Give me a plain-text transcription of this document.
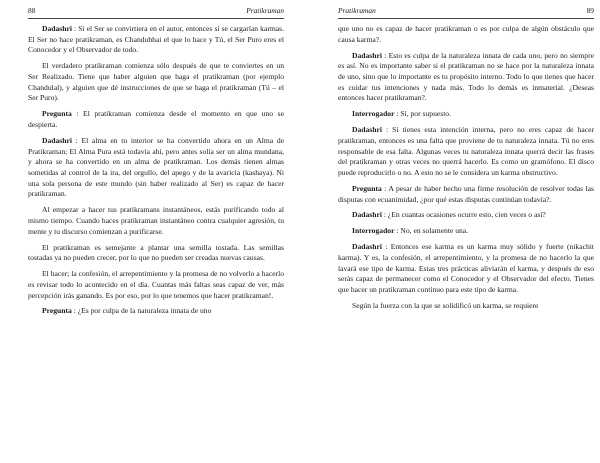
88	Pratikraman

Dadashri : Si el Ser se convirtiera en el autor, entonces sí se cargarían karmas. El Ser no hace pratikraman, es Chandubhai el que lo hace y Tú, el Ser Puro eres el Conocedor y el Observador de todo.

El verdadero pratikraman comienza sólo después de que te conviertes en un Ser Realizado. Tiene que haber alguien que haga el pratikraman (por ejemplo Chandulal), y alguien que dé instrucciones de que se haga el pratikraman (Tú – el Ser Puro).

Pregunta : El pratikraman comienza desde el momento en que uno se despierta.

Dadashri : El alma en tu interior se ha convertido ahora en un Alma de Pratikraman; El Alma Pura está todavía ahí, pero antes solía ser un alma mundana, y ahora se ha convertido en un alma de pratikraman. Los demás tienen almas sometidas al control de la ira, del orgullo, del apego y de la avaricia (kashaya). Ni una sola persona de este mundo (sin haber realizado al Ser) es capaz de hacer pratikraman.

Al empezar a hacer tus pratikramans instantáneos, estás purificando todo al mismo tiempo. Cuando haces pratikraman instantáneo contra cualquier agresión, tu mente y tu discurso comienzan a purificarse.

El pratikraman es semejante a plantar una semilla tostada. Las semillas tostadas ya no pueden crecer, por lo que no pueden ser creadas nuevas causas.

El hacer; la confesión, el arrepentimiento y la promesa de no volverlo a hacerlo es revisar todo lo acontecido en el día. Cuantas más faltas seas capaz de ver, más percepción irás ganando. Es por eso, por lo que tenemos que hacer pratikraman!.

Pregunta : ¿Es por culpa de la naturaleza innata de uno

Pratikraman	89

que uno no es capaz de hacer pratikraman o es por culpa de algún obstáculo que causa karma?.

Dadashri : Esto es culpa de la naturaleza innata de cada uno, pero no siempre es así. No es importante saber si el pratikraman no se hace por la naturaleza innata de uno, sino que lo importante es tu propósito interno. Todo lo que tienes que hacer es cuidar tus intenciones y nada más. Todo lo demás es inmaterial. ¿Deseas entonces hacer pratikraman?.

Interrogador : Sí, por supuesto.

Dadashri : Si tienes esta intención interna, pero no eres capaz de hacer pratikraman, entonces es una falta que proviene de tu naturaleza innata. Tú no eres responsable de esa falta. Algunas veces tu naturaleza innata querrá decir las frases del pratikraman y otras veces no querrá hacerlo. Es como un gramófono. El disco puede reproducirlo o no. A esto no se le considera un karma obstructivo.

Pregunta : A pesar de haber hecho una firme resolución de resolver todas las disputas con ecuanimidad, ¿por qué estas disputas continúan todavía?.

Dadashri : ¿En cuantas ocasiones ocurre esto, cien veces o así?

Interrogador : No, en solamente una.

Dadashri : Entonces ese karma es un karma muy sólido y fuerte (nikachit karma). Y es, la confesión, el arrepentimiento, y la promesa de no hacerlo la que lavará ese tipo de karma. Estas tres prácticas aliviarán el karma, y después de eso serás capaz de permanecer como el Conocedor y el Observador del efecto. Tienes que hacer un pratikraman continuo para este tipo de karma.

Según la fuerza con la que se solidificó un karma, se requiere
